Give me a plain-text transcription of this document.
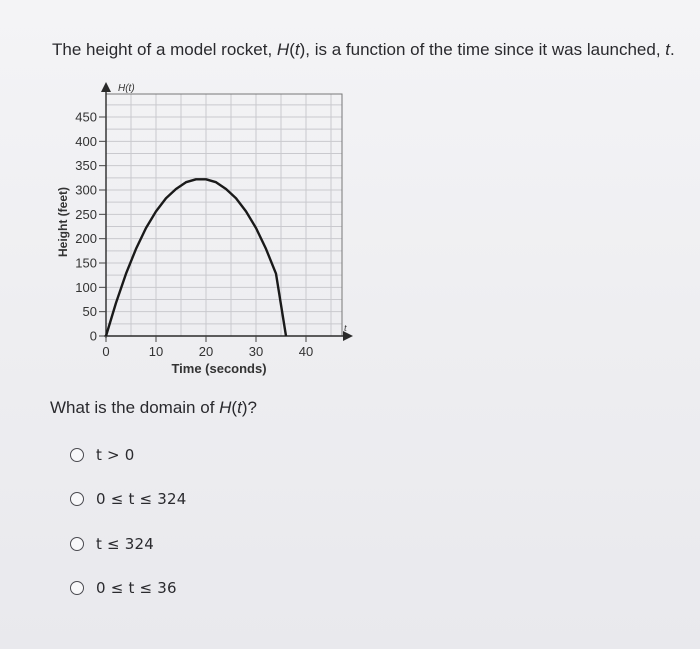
The height of a model rocket, H(t), is a function of the time since it was launched, t.
0
50
100
150
200
250
300
350
400
450
0	10	20	30	40
Height (feet)
Time (seconds)
H(t)
t
What is the domain of H(t)?
t > 0
0 ≤ t ≤ 324
t ≤ 324
0 ≤ t ≤ 36
